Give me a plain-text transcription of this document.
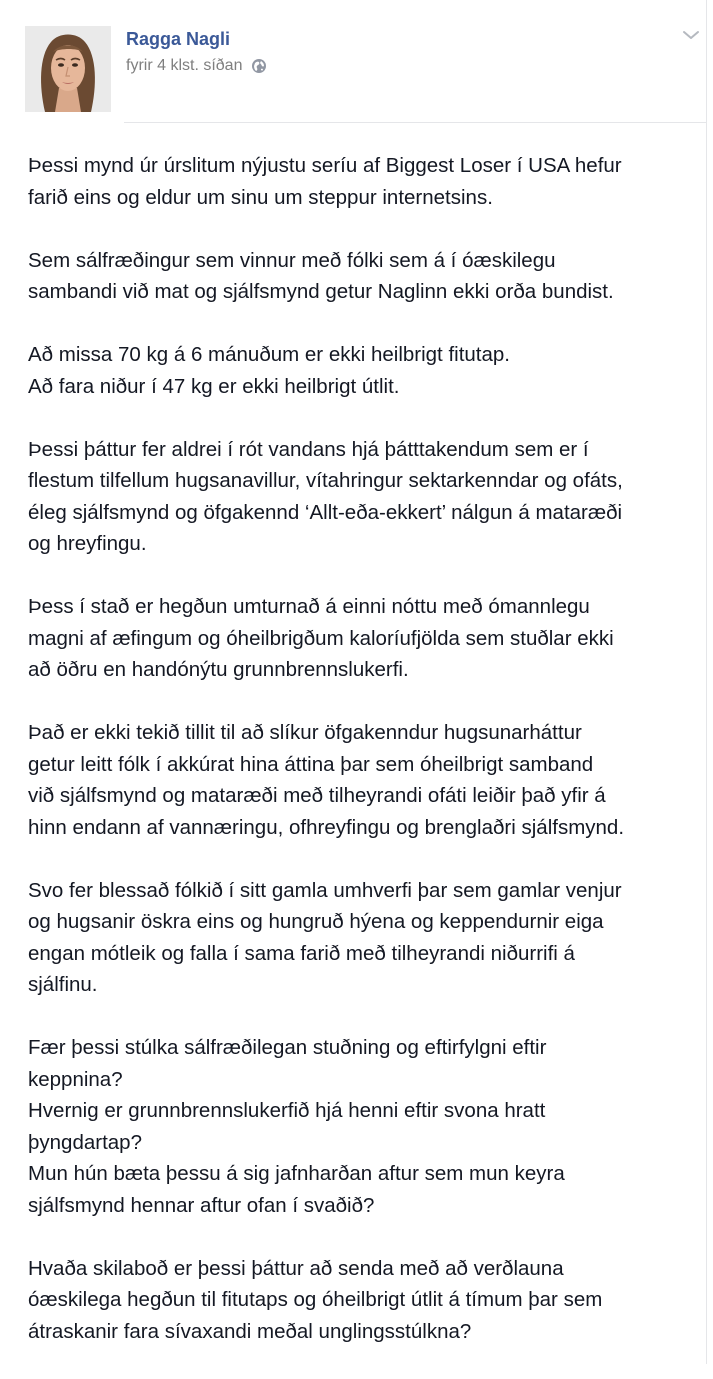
Ragga Nagli
fyrir 4 klst. síðan

Þessi mynd úr úrslitum nýjustu seríu af Biggest Loser í USA hefur
farið eins og eldur um sinu um steppur internetsins.

Sem sálfræðingur sem vinnur með fólki sem á í óæskilegu
sambandi við mat og sjálfsmynd getur Naglinn ekki orða bundist.

Að missa 70 kg á 6 mánuðum er ekki heilbrigt fitutap.
Að fara niður í 47 kg er ekki heilbrigt útlit.

Þessi þáttur fer aldrei í rót vandans hjá þátttakendum sem er í
flestum tilfellum hugsanavillur, vítahringur sektarkenndar og ofáts,
éleg sjálfsmynd og öfgakennd ‘Allt-eða-ekkert’ nálgun á mataræði
og hreyfingu.

Þess í stað er hegðun umturnað á einni nóttu með ómannlegu
magni af æfingum og óheilbrigðum kaloríufjölda sem stuðlar ekki
að öðru en handónýtu grunnbrennslukerfi.

Það er ekki tekið tillit til að slíkur öfgakenndur hugsunarháttur
getur leitt fólk í akkúrat hina áttina þar sem óheilbrigt samband
við sjálfsmynd og mataræði með tilheyrandi ofáti leiðir það yfir á
hinn endann af vannæringu, ofhreyfingu og brenglaðri sjálfsmynd.

Svo fer blessað fólkið í sitt gamla umhverfi þar sem gamlar venjur
og hugsanir öskra eins og hungruð hýena og keppendurnir eiga
engan mótleik og falla í sama farið með tilheyrandi niðurrifi á
sjálfinu.

Fær þessi stúlka sálfræðilegan stuðning og eftirfylgni eftir
keppnina?
Hvernig er grunnbrennslukerfið hjá henni eftir svona hratt
þyngdartap?
Mun hún bæta þessu á sig jafnharðan aftur sem mun keyra
sjálfsmynd hennar aftur ofan í svaðið?

Hvaða skilaboð er þessi þáttur að senda með að verðlauna
óæskilega hegðun til fitutaps og óheilbrigt útlit á tímum þar sem
átraskanir fara sívaxandi meðal unglingsstúlkna?
